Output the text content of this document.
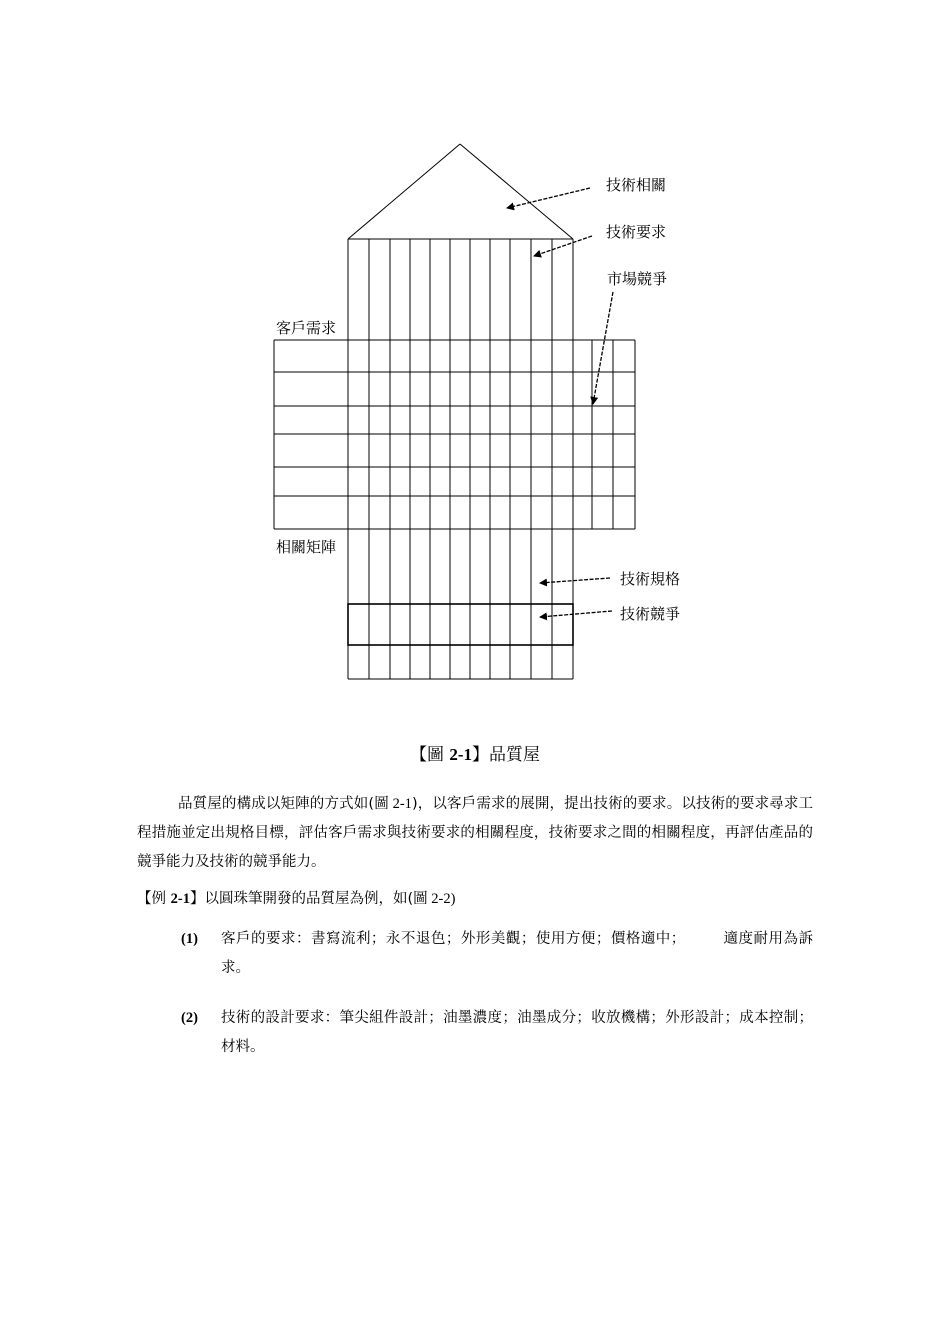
技術相關
技術要求
市場競爭
客戶需求
相關矩陣
技術規格
技術競爭
【圖 2-1】品質屋
品質屋的構成以矩陣的方式如(圖 2-1)，以客戶需求的展開，提出技術的要求。以技術的要求尋求工程措施並定出規格目標，評估客戶需求與技術要求的相關程度，技術要求之間的相關程度，再評估產品的競爭能力及技術的競爭能力。
【例 2-1】以圓珠筆開發的品質屋為例，如(圖 2-2)
(1) 客戶的要求：書寫流利；永不退色；外形美觀；使用方便；價格適中；　　　適度耐用為訴求。
(2) 技術的設計要求：筆尖組件設計；油墨濃度；油墨成分；收放機構；外形設計；成本控制；材料。
